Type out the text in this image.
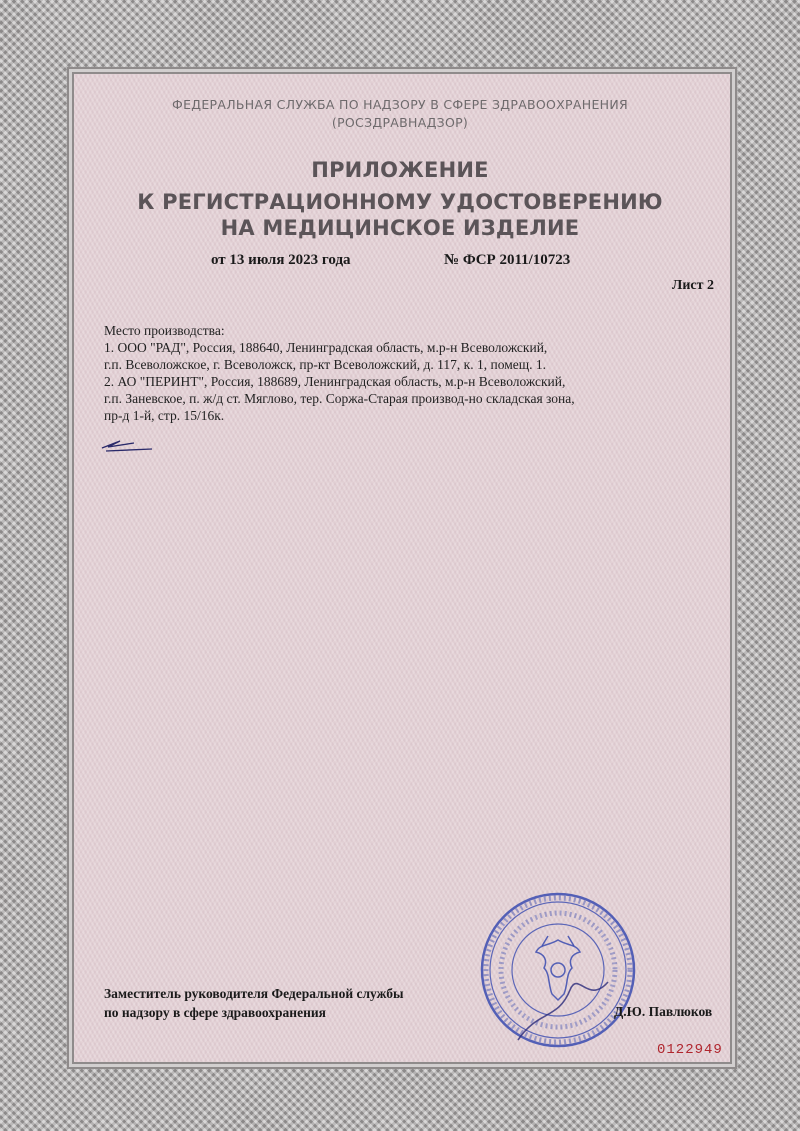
ФЕДЕРАЛЬНАЯ СЛУЖБА ПО НАДЗОРУ В СФЕРЕ ЗДРАВООХРАНЕНИЯ
(РОСЗДРАВНАДЗОР)
ПРИЛОЖЕНИЕ
К РЕГИСТРАЦИОННОМУ УДОСТОВЕРЕНИЮ
НА МЕДИЦИНСКОЕ ИЗДЕЛИЕ
от 13 июля 2023 года	№ ФСР 2011/10723
Лист 2
Место производства:
1. ООО "РАД", Россия, 188640, Ленинградская область, м.р-н Всеволожский,
г.п. Всеволожское, г. Всеволожск, пр-кт Всеволожский, д. 117, к. 1, помещ. 1.
2. АО "ПЕРИНТ", Россия, 188689, Ленинградская область, м.р-н Всеволожский,
г.п. Заневское, п. ж/д ст. Мяглово, тер. Соржа-Старая производ-но складская зона,
пр-д 1-й, стр. 15/16к.
Заместитель руководителя Федеральной службы
по надзору в сфере здравоохранения	Д.Ю. Павлюков
0122949
